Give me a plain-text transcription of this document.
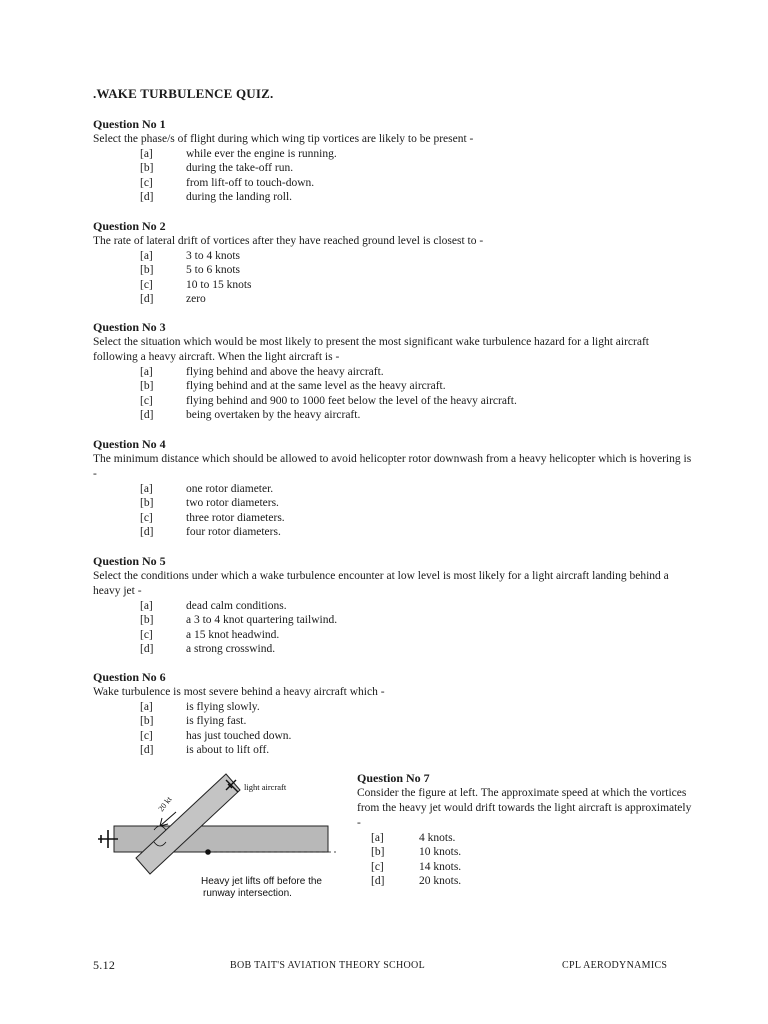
.WAKE TURBULENCE QUIZ.
Question No 1

Select the phase/s of flight during which wing tip vortices are likely to be present -

[a]	while ever the engine is running.
[b]	during the take-off run.
[c]	from lift-off to touch-down.
[d]	during the landing roll.
Question No 2

The rate of lateral drift of vortices after they have reached ground level is closest to -

[a]	3 to 4 knots
[b]	5 to 6 knots
[c]	10 to 15 knots
[d]	zero
Question No 3

Select the situation which would be most likely to present the most significant wake turbulence hazard for a light aircraft following a heavy aircraft. When the light aircraft is -

[a]	flying behind and above the heavy aircraft.
[b]	flying behind and at the same level as the heavy aircraft.
[c]	flying behind and 900 to 1000 feet below the level of the heavy aircraft.
[d]	being overtaken by the heavy aircraft.
Question No 4

The minimum distance which should be allowed to avoid helicopter rotor downwash from a heavy helicopter which is hovering is -

[a]	one rotor diameter.
[b]	two rotor diameters.
[c]	three rotor diameters.
[d]	four rotor diameters.
Question No 5

Select the conditions under which a wake turbulence encounter at low level is most likely for a light aircraft landing behind a heavy jet -

[a]	dead calm conditions.
[b]	a 3 to 4 knot quartering tailwind.
[c]	a 15 knot headwind.
[d]	a strong crosswind.
Question No 6

Wake turbulence is most severe behind a heavy aircraft which -

[a]	is flying slowly.
[b]	is flying fast.
[c]	has just touched down.
[d]	is about to lift off.
20 kt
light aircraft
Heavy jet lifts off before the
runway intersection.
Question No 7

Consider the figure at left. The approximate speed at which the vortices from the heavy jet would drift towards the light aircraft is approximately -

[a]	4 knots.
[b]	10 knots.
[c]	14 knots.
[d]	20 knots.
5.12	BOB TAIT'S AVIATION THEORY SCHOOL	CPL AERODYNAMICS
